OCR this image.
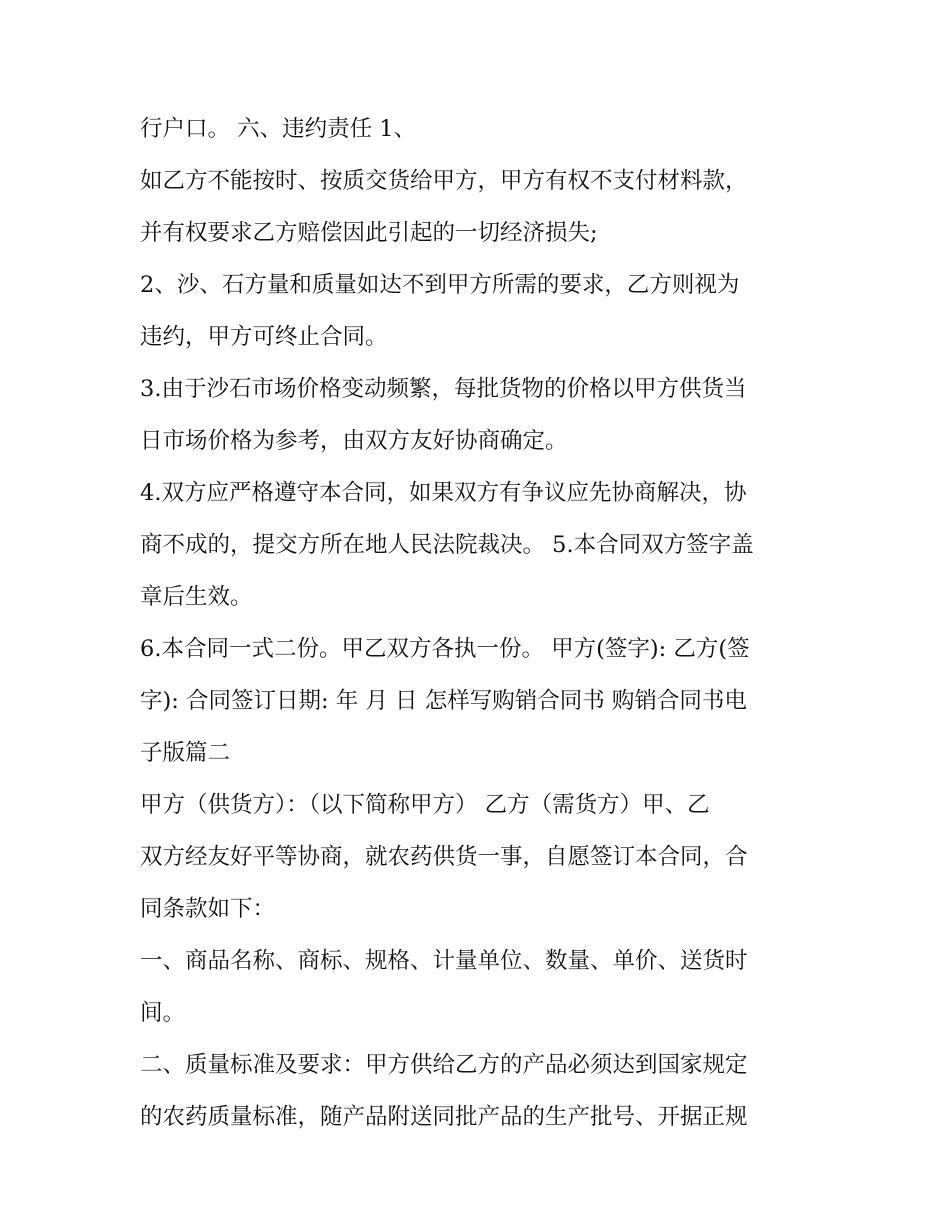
行户口。 六、违约责任 1、
如乙方不能按时、按质交货给甲方，甲方有权不支付材料款，
并有权要求乙方赔偿因此引起的一切经济损失;
2、沙、石方量和质量如达不到甲方所需的要求，乙方则视为
违约，甲方可终止合同。
3.由于沙石市场价格变动频繁，每批货物的价格以甲方供货当
日市场价格为参考，由双方友好协商确定。
4.双方应严格遵守本合同，如果双方有争议应先协商解决，协
商不成的，提交方所在地人民法院裁决。 5.本合同双方签字盖
章后生效。
6.本合同一式二份。甲乙双方各执一份。 甲方(签字): 乙方(签
字): 合同签订日期: 年 月 日 怎样写购销合同书 购销合同书电
子版篇二
甲方（供货方）：（以下简称甲方） 乙方（需货方）甲、乙
双方经友好平等协商，就农药供货一事，自愿签订本合同，合
同条款如下：
一、商品名称、商标、规格、计量单位、数量、单价、送货时
间。
二、质量标准及要求：甲方供给乙方的产品必须达到国家规定
的农药质量标准，随产品附送同批产品的生产批号、开据正规
